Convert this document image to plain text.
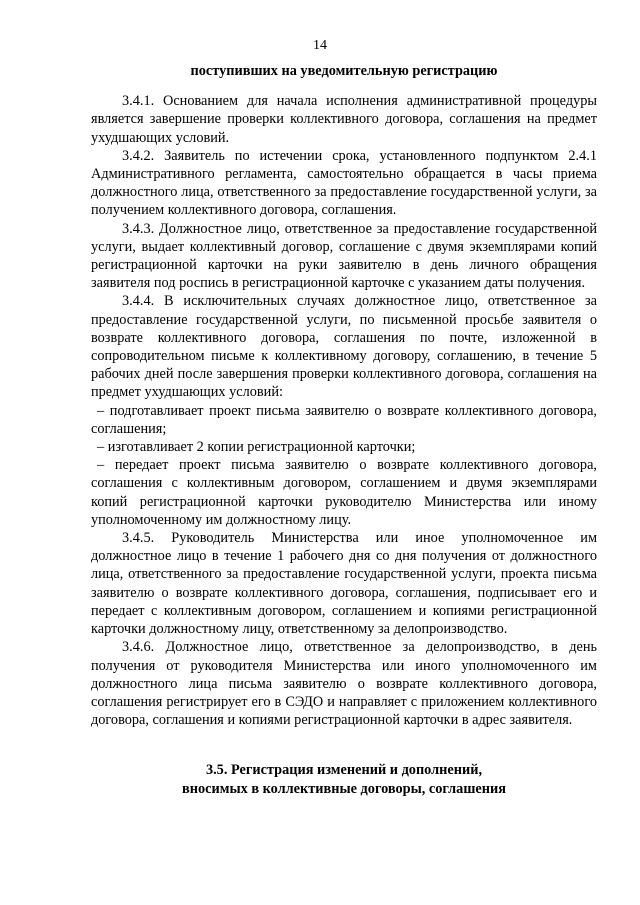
14
поступивших на уведомительную регистрацию

3.4.1. Основанием для начала исполнения административной процедуры является завершение проверки коллективного договора, соглашения на предмет ухудшающих условий.

3.4.2. Заявитель по истечении срока, установленного подпунктом 2.4.1 Административного регламента, самостоятельно обращается в часы приема должностного лица, ответственного за предоставление государственной услуги, за получением коллективного договора, соглашения.

3.4.3. Должностное лицо, ответственное за предоставление государственной услуги, выдает коллективный договор, соглашение с двумя экземплярами копий регистрационной карточки на руки заявителю в день личного обращения заявителя под роспись в регистрационной карточке с указанием даты получения.

3.4.4. В исключительных случаях должностное лицо, ответственное за предоставление государственной услуги, по письменной просьбе заявителя о возврате коллективного договора, соглашения по почте, изложенной в сопроводительном письме к коллективному договору, соглашению, в течение 5 рабочих дней после завершения проверки коллективного договора, соглашения на предмет ухудшающих условий:

– подготавливает проект письма заявителю о возврате коллективного договора, соглашения;

– изготавливает 2 копии регистрационной карточки;

– передает проект письма заявителю о возврате коллективного договора, соглашения с коллективным договором, соглашением и двумя экземплярами копий регистрационной карточки руководителю Министерства или иному уполномоченному им должностному лицу.

3.4.5. Руководитель Министерства или иное уполномоченное им должностное лицо в течение 1 рабочего дня со дня получения от должностного лица, ответственного за предоставление государственной услуги, проекта письма заявителю о возврате коллективного договора, соглашения, подписывает его и передает с коллективным договором, соглашением и копиями регистрационной карточки должностному лицу, ответственному за делопроизводство.

3.4.6. Должностное лицо, ответственное за делопроизводство, в день получения от руководителя Министерства или иного уполномоченного им должностного лица письма заявителю о возврате коллективного договора, соглашения регистрирует его в СЭДО и направляет с приложением коллективного договора, соглашения и копиями регистрационной карточки в адрес заявителя.

3.5. Регистрация изменений и дополнений,
вносимых в коллективные договоры, соглашения
